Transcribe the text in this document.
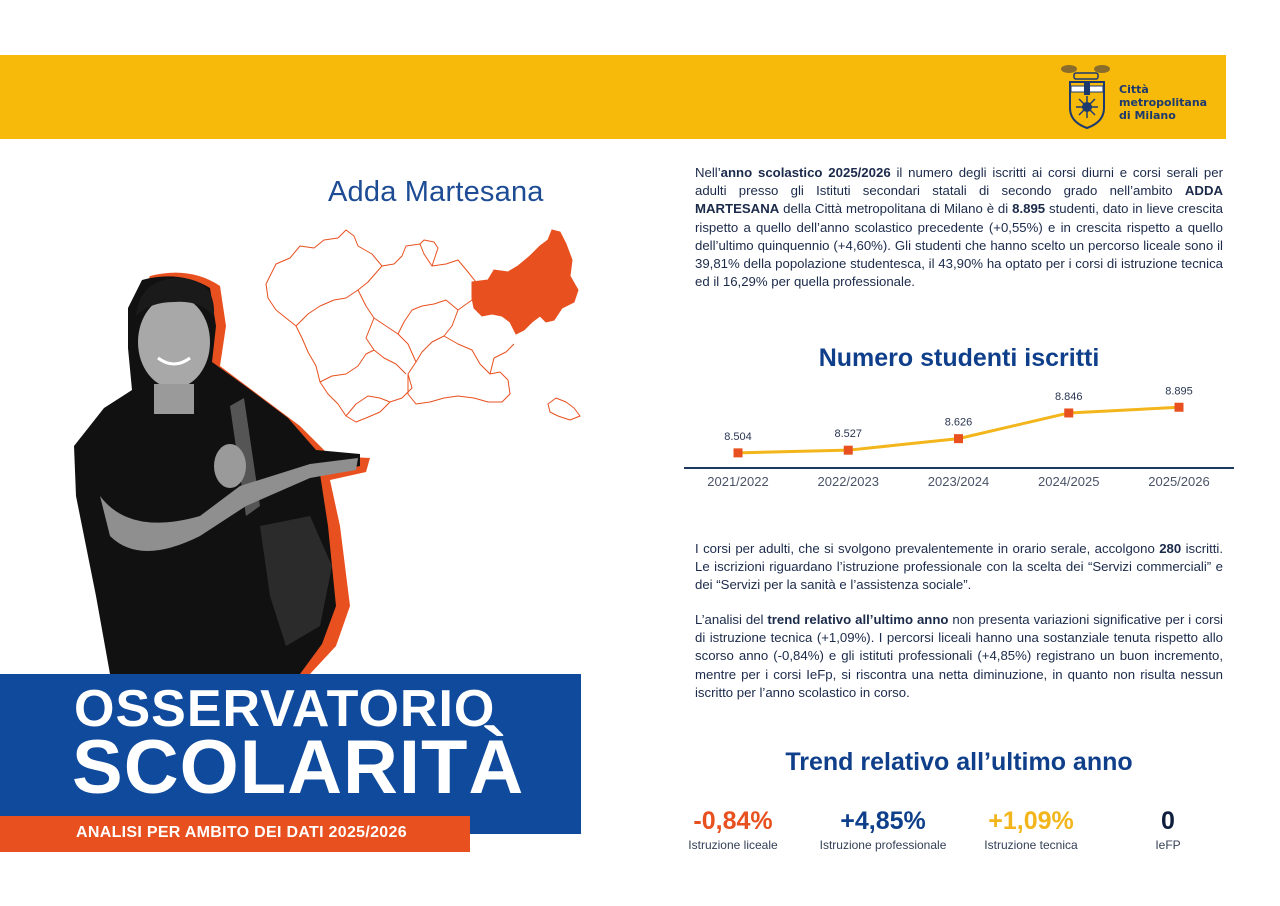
Città
metropolitana
di Milano
Adda Martesana
OSSERVATORIO
SCOLARITÀ
ANALISI PER AMBITO DEI DATI 2025/2026
Nell’anno scolastico 2025/2026 il numero degli iscritti ai corsi diurni e corsi serali per adulti presso gli Istituti secondari statali di secondo grado nell’ambito ADDA MARTESANA della Città metropolitana di Milano è di 8.895 studenti, dato in lieve crescita rispetto a quello dell’anno scolastico precedente (+0,55%) e in crescita rispetto a quello dell’ultimo quinquennio (+4,60%). Gli studenti che hanno scelto un percorso liceale sono il 39,81% della popolazione studentesca, il 43,90% ha optato per i corsi di istruzione tecnica ed il 16,29% per quella professionale.
Numero studenti iscritti
8.504	8.527
8.626
8.846	8.895
2021/2022	2022/2023	2023/2024	2024/2025	2025/2026
I corsi per adulti, che si svolgono prevalentemente in orario serale, accolgono 280 iscritti. Le iscrizioni riguardano l’istruzione professionale con la scelta dei “Servizi commerciali” e dei “Servizi per la sanità e l’assistenza sociale”.
L’analisi del trend relativo all’ultimo anno non presenta variazioni significative per i corsi di istruzione tecnica (+1,09%). I percorsi liceali hanno una sostanziale tenuta rispetto allo scorso anno (-0,84%) e gli istituti professionali (+4,85%) registrano un buon incremento, mentre per i corsi IeFp, si riscontra una netta diminuzione, in quanto non risulta nessun iscritto per l’anno scolastico in corso.
Trend relativo all’ultimo anno
-0,84%
Istruzione liceale
+4,85%
Istruzione professionale
+1,09%
Istruzione tecnica
0
IeFP
